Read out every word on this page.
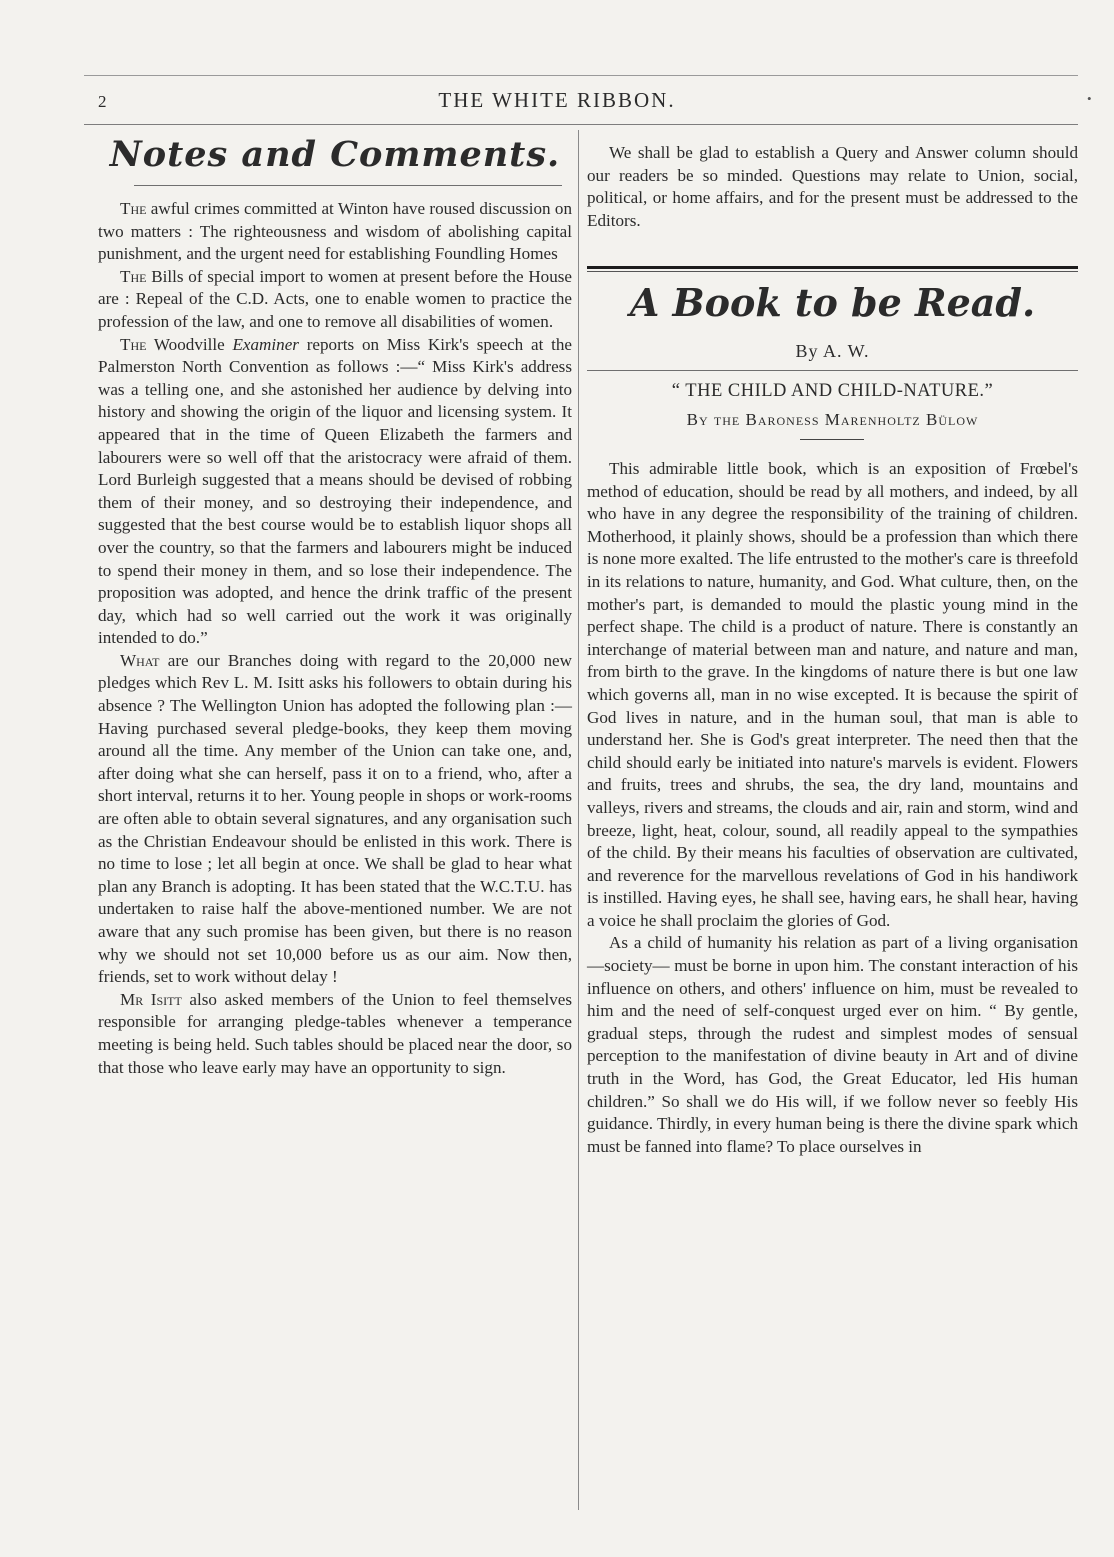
2	THE WHITE RIBBON.	•
Notes and Comments.

The awful crimes committed at Winton have roused discussion on two matters : The righteousness and wisdom of abolishing capital punishment, and the urgent need for establishing Foundling Homes

The Bills of special import to women at present before the House are : Repeal of the C.D. Acts, one to enable women to practice the profession of the law, and one to remove all disabilities of women.

The Woodville Examiner reports on Miss Kirk's speech at the Palmerston North Convention as follows :—“ Miss Kirk's address was a telling one, and she astonished her audience by delving into history and showing the origin of the liquor and licensing system. It appeared that in the time of Queen Elizabeth the farmers and labourers were so well off that the aristocracy were afraid of them. Lord Burleigh suggested that a means should be devised of robbing them of their money, and so destroying their independence, and suggested that the best course would be to establish liquor shops all over the country, so that the farmers and labourers might be induced to spend their money in them, and so lose their independence. The proposition was adopted, and hence the drink traffic of the present day, which had so well carried out the work it was originally intended to do.”

What are our Branches doing with regard to the 20,000 new pledges which Rev L. M. Isitt asks his followers to obtain during his absence ? The Wellington Union has adopted the following plan :—Having purchased several pledge-books, they keep them moving around all the time. Any member of the Union can take one, and, after doing what she can herself, pass it on to a friend, who, after a short interval, returns it to her. Young people in shops or work-rooms are often able to obtain several signatures, and any organisation such as the Christian Endeavour should be enlisted in this work. There is no time to lose ; let all begin at once. We shall be glad to hear what plan any Branch is adopting. It has been stated that the W.C.T.U. has undertaken to raise half the above-mentioned number. We are not aware that any such promise has been given, but there is no reason why we should not set 10,000 before us as our aim. Now then, friends, set to work without delay !

Mr Isitt also asked members of the Union to feel themselves responsible for arranging pledge-tables whenever a temperance meeting is being held. Such tables should be placed near the door, so that those who leave early may have an opportunity to sign.

We shall be glad to establish a Query and Answer column should our readers be so minded. Questions may relate to Union, social, political, or home affairs, and for the present must be addressed to the Editors.

A Book to be Read.
By A. W.
“ THE CHILD AND CHILD-NATURE.”
By the Baroness Marenholtz Bülow

This admirable little book, which is an exposition of Frœbel's method of education, should be read by all mothers, and indeed, by all who have in any degree the responsibility of the training of children. Motherhood, it plainly shows, should be a profession than which there is none more exalted. The life entrusted to the mother's care is threefold in its relations to nature, humanity, and God. What culture, then, on the mother's part, is demanded to mould the plastic young mind in the perfect shape. The child is a product of nature. There is constantly an interchange of material between man and nature, and nature and man, from birth to the grave. In the kingdoms of nature there is but one law which governs all, man in no wise excepted. It is because the spirit of God lives in nature, and in the human soul, that man is able to understand her. She is God's great interpreter. The need then that the child should early be initiated into nature's marvels is evident. Flowers and fruits, trees and shrubs, the sea, the dry land, mountains and valleys, rivers and streams, the clouds and air, rain and storm, wind and breeze, light, heat, colour, sound, all readily appeal to the sympathies of the child. By their means his faculties of observation are cultivated, and reverence for the marvellous revelations of God in his handiwork is instilled. Having eyes, he shall see, having ears, he shall hear, having a voice he shall proclaim the glories of God.

As a child of humanity his relation as part of a living organisation —society— must be borne in upon him. The constant interaction of his influence on others, and others' influence on him, must be revealed to him and the need of self-conquest urged ever on him. “ By gentle, gradual steps, through the rudest and simplest modes of sensual perception to the manifestation of divine beauty in Art and of divine truth in the Word, has God, the Great Educator, led His human children.” So shall we do His will, if we follow never so feebly His guidance. Thirdly, in every human being is there the divine spark which must be fanned into flame? To place ourselves in
